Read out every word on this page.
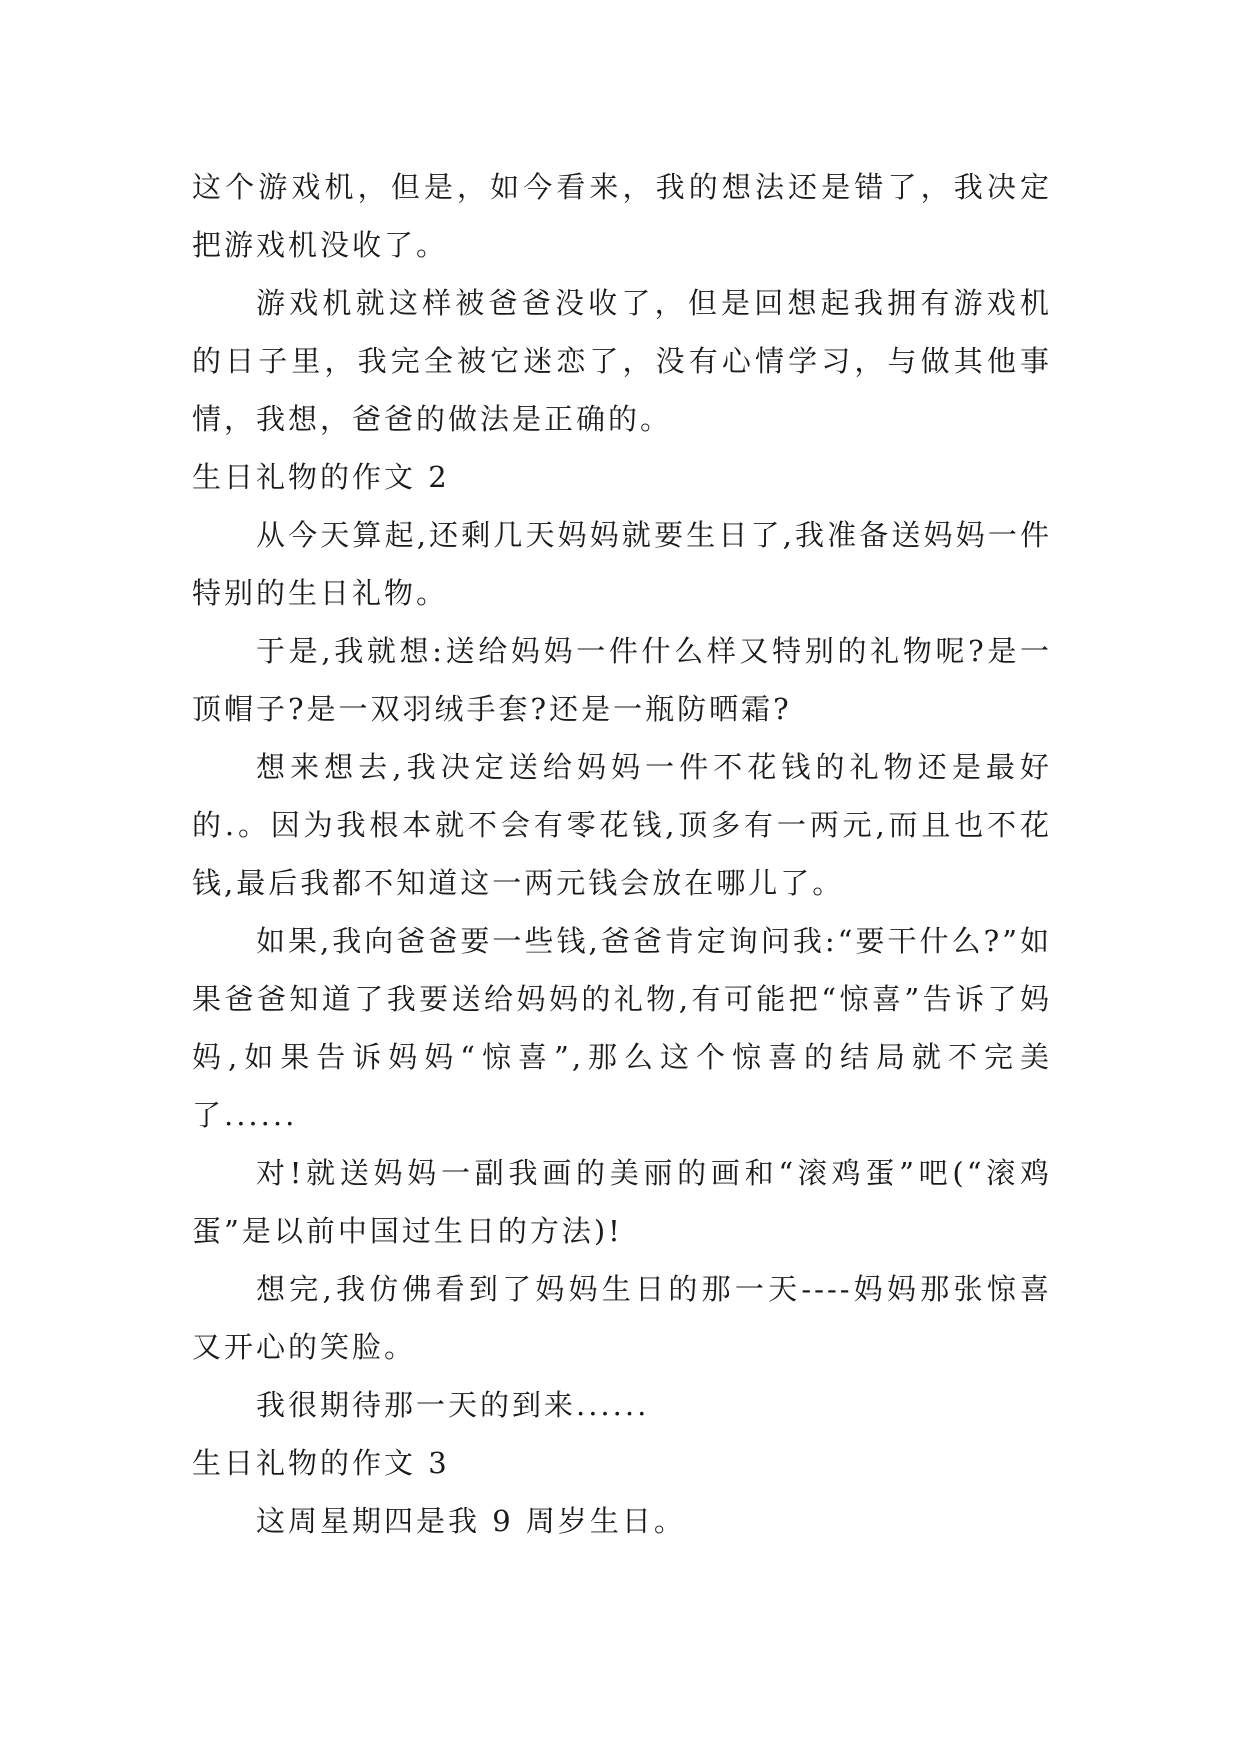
这个游戏机，但是，如今看来，我的想法还是错了，我决定把游戏机没收了。

游戏机就这样被爸爸没收了，但是回想起我拥有游戏机的日子里，我完全被它迷恋了，没有心情学习，与做其他事情，我想，爸爸的做法是正确的。

生日礼物的作文 2

从今天算起,还剩几天妈妈就要生日了,我准备送妈妈一件特别的生日礼物。

于是,我就想:送给妈妈一件什么样又特别的礼物呢?是一顶帽子?是一双羽绒手套?还是一瓶防晒霜?

想来想去,我决定送给妈妈一件不花钱的礼物还是最好的.。因为我根本就不会有零花钱,顶多有一两元,而且也不花钱,最后我都不知道这一两元钱会放在哪儿了。

如果,我向爸爸要一些钱,爸爸肯定询问我:“要干什么?”如果爸爸知道了我要送给妈妈的礼物,有可能把“惊喜”告诉了妈妈,如果告诉妈妈“惊喜”,那么这个惊喜的结局就不完美了......

对!就送妈妈一副我画的美丽的画和“滚鸡蛋”吧(“滚鸡蛋”是以前中国过生日的方法)!

想完,我仿佛看到了妈妈生日的那一天----妈妈那张惊喜又开心的笑脸。

我很期待那一天的到来......

生日礼物的作文 3

这周星期四是我 9 周岁生日。
